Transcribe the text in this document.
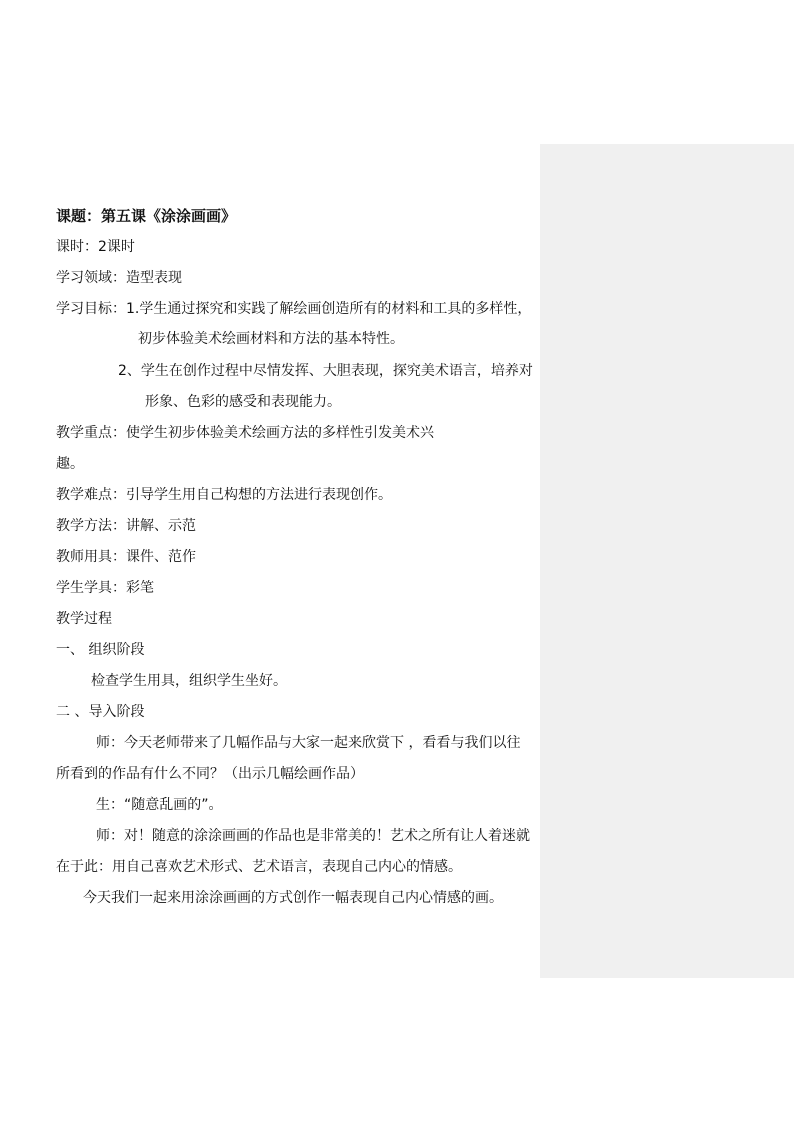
课题：第五课《涂涂画画》
课时：2课时
学习领域：造型表现
学习目标：1.学生通过探究和实践了解绘画创造所有的材料和工具的多样性，
初步体验美术绘画材料和方法的基本特性。
2、学生在创作过程中尽情发挥、大胆表现，探究美术语言，培养对
形象、色彩的感受和表现能力。
教学重点：使学生初步体验美术绘画方法的多样性引发美术兴
趣。
教学难点：引导学生用自己构想的方法进行表现创作。
教学方法：讲解、示范
教师用具：课件、范作
学生学具：彩笔
教学过程
一、 组织阶段
检查学生用具，组织学生坐好。
二 、导入阶段
师：今天老师带来了几幅作品与大家一起来欣赏下 ，看看与我们以往
所看到的作品有什么不同？（出示几幅绘画作品）
生：“随意乱画的”。
师：对！随意的涂涂画画的作品也是非常美的！艺术之所有让人着迷就
在于此：用自己喜欢艺术形式、艺术语言，表现自己内心的情感。
今天我们一起来用涂涂画画的方式创作一幅表现自己内心情感的画。
